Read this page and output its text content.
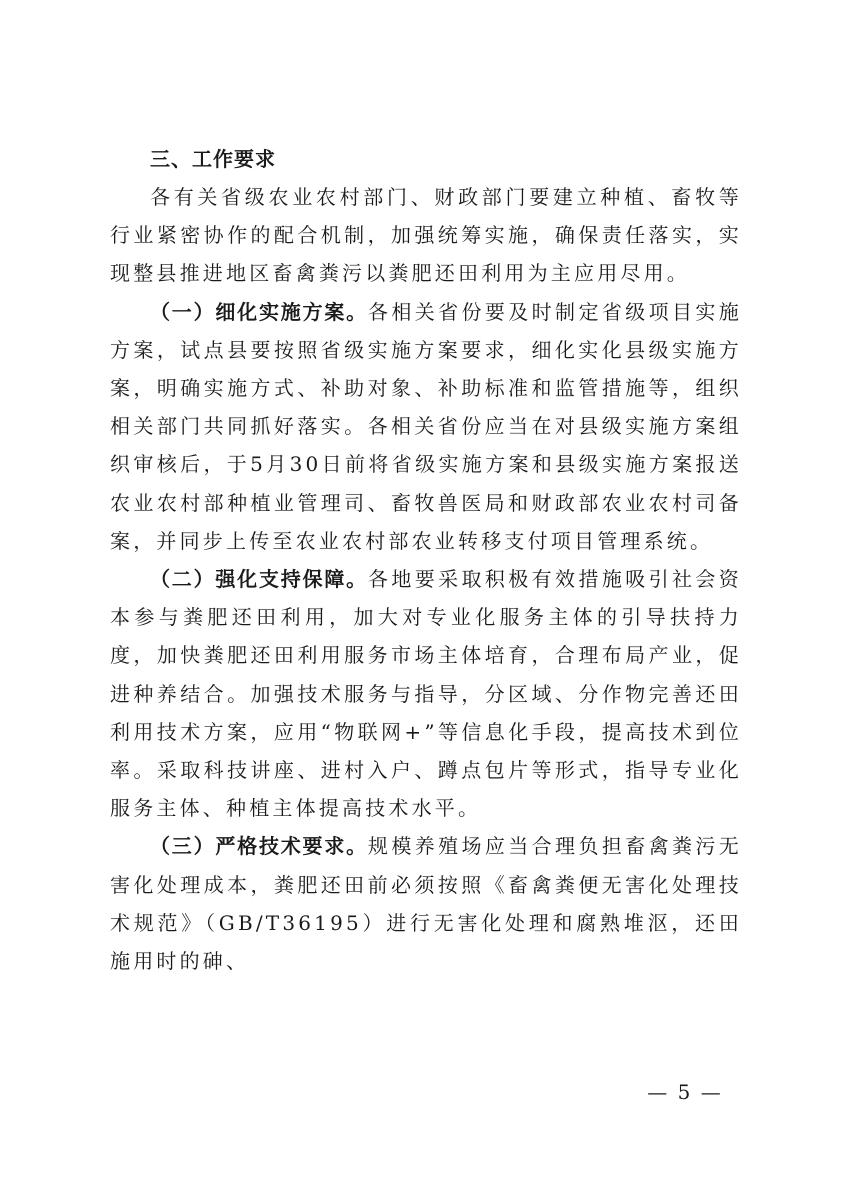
三、工作要求

各有关省级农业农村部门、财政部门要建立种植、畜牧等行业紧密协作的配合机制，加强统筹实施，确保责任落实，实现整县推进地区畜禽粪污以粪肥还田利用为主应用尽用。

（一）细化实施方案。各相关省份要及时制定省级项目实施方案，试点县要按照省级实施方案要求，细化实化县级实施方案，明确实施方式、补助对象、补助标准和监管措施等，组织相关部门共同抓好落实。各相关省份应当在对县级实施方案组织审核后，于5月30日前将省级实施方案和县级实施方案报送农业农村部种植业管理司、畜牧兽医局和财政部农业农村司备案，并同步上传至农业农村部农业转移支付项目管理系统。

（二）强化支持保障。各地要采取积极有效措施吸引社会资本参与粪肥还田利用，加大对专业化服务主体的引导扶持力度，加快粪肥还田利用服务市场主体培育，合理布局产业，促进种养结合。加强技术服务与指导，分区域、分作物完善还田利用技术方案，应用“物联网+”等信息化手段，提高技术到位率。采取科技讲座、进村入户、蹲点包片等形式，指导专业化服务主体、种植主体提高技术水平。

（三）严格技术要求。规模养殖场应当合理负担畜禽粪污无害化处理成本，粪肥还田前必须按照《畜禽粪便无害化处理技术规范》（GB/T36195）进行无害化处理和腐熟堆沤，还田施用时的砷、

— 5 —
